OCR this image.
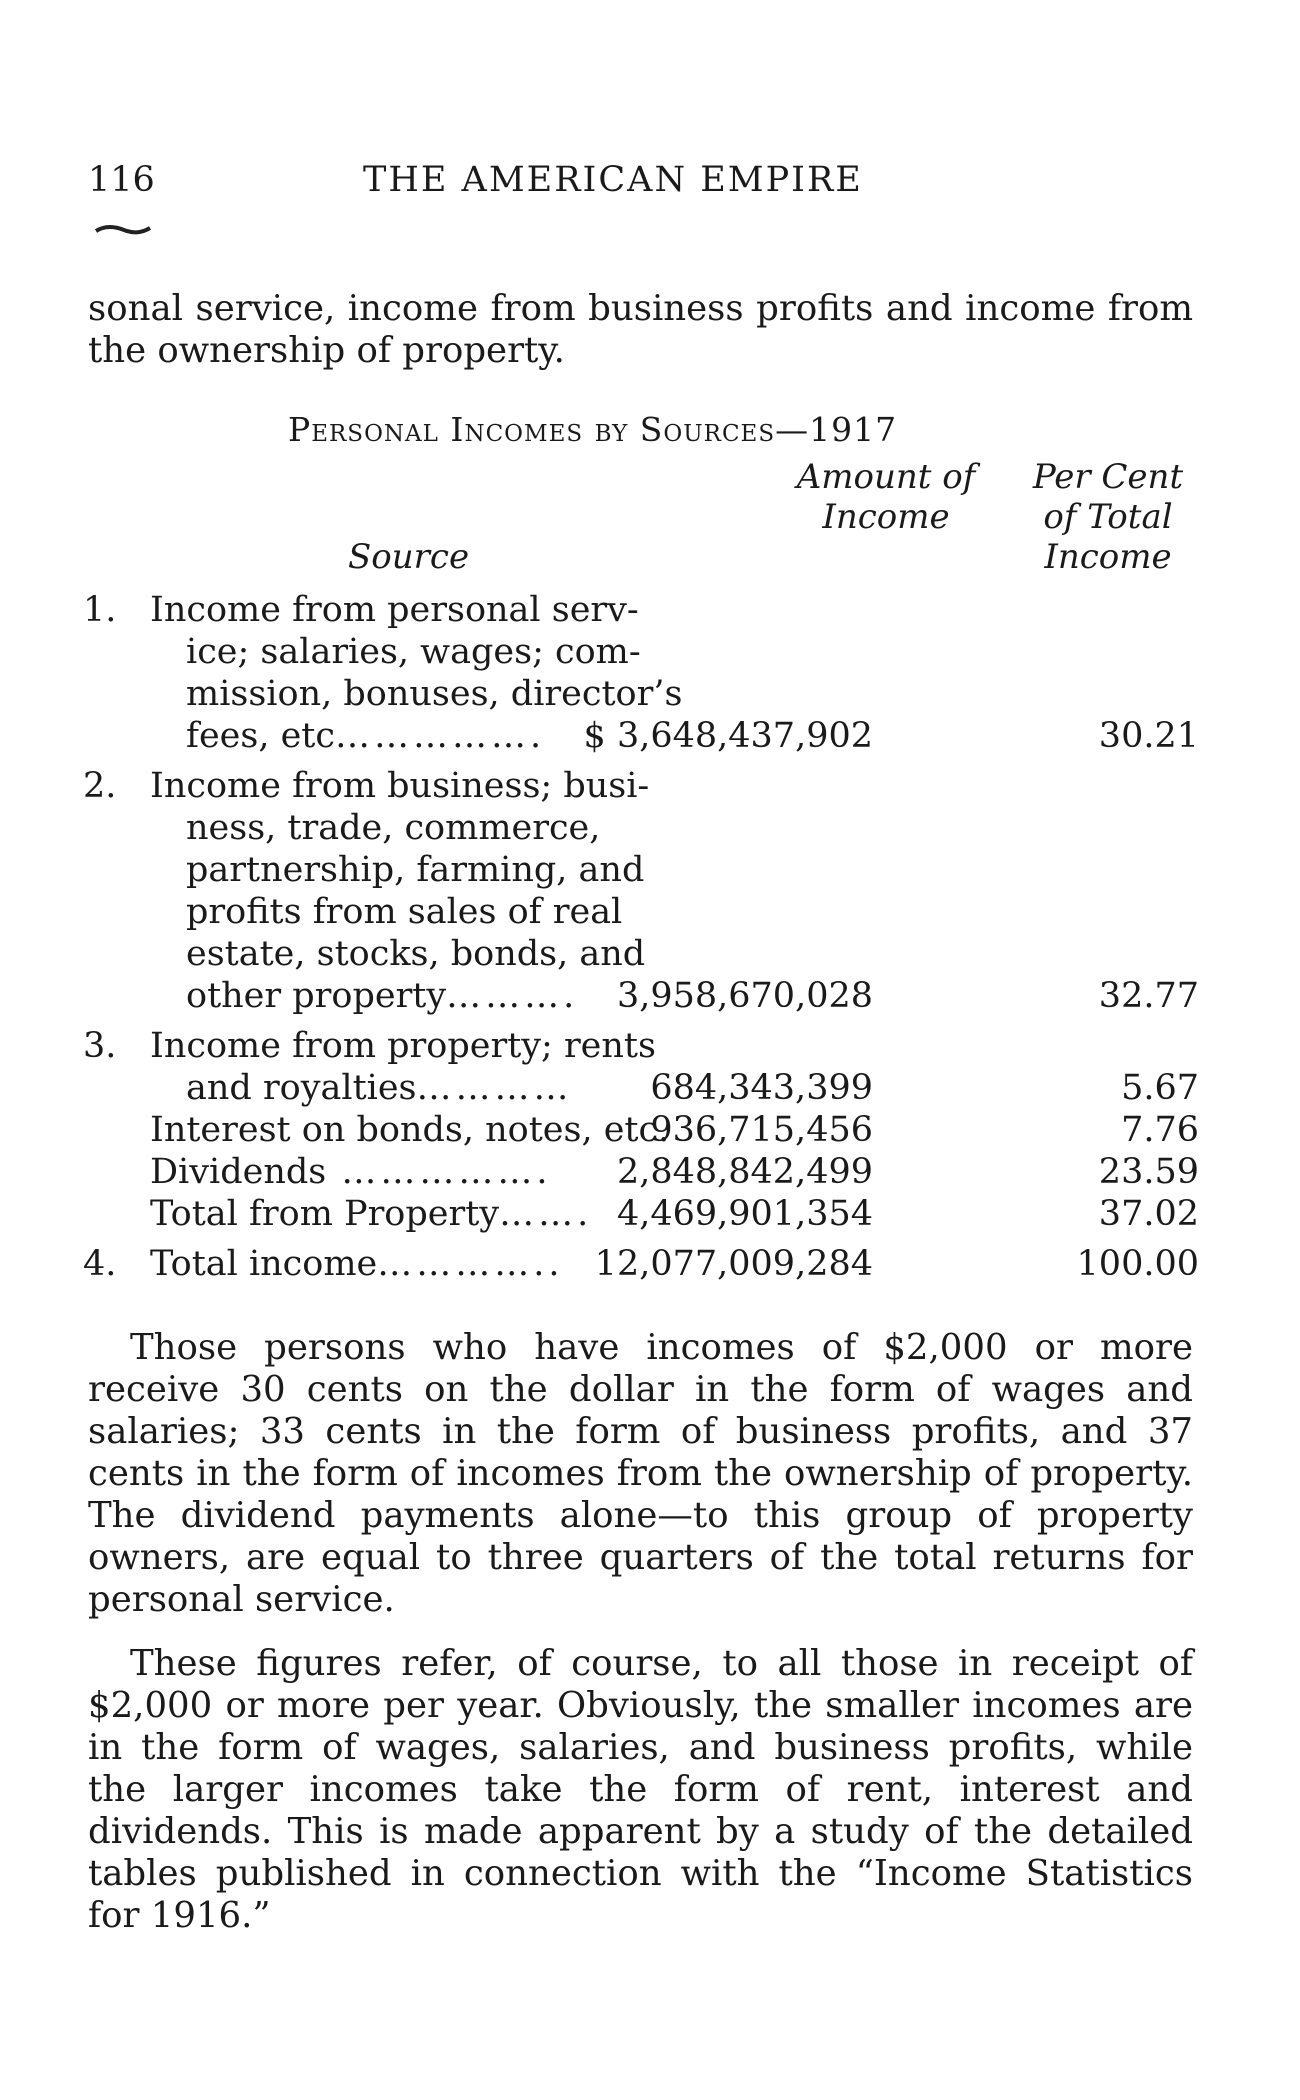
116	THE AMERICAN EMPIRE

sonal service, income from business profits and income from the ownership of property.

Personal Incomes by Sources—1917
Amount of
Income
Per Cent
of Total
Income
Source
1. Income from personal serv-
ice; salaries, wages; com-
mission, bonuses, director’s
fees, etc…………….	$ 3,648,437,902	30.21
2. Income from business; busi-
ness, trade, commerce,
partnership, farming, and
profits from sales of real
estate, stocks, bonds, and
other property……….	3,958,670,028	32.77
3. Income from property; rents
and royalties…………	684,343,399	5.67
Interest on bonds, notes, etc.
936,715,456	7.76
Dividends …………….	2,848,842,499	23.59
Total from Property……. 4,469,901,354	37.02
4. Total income………….. 12,077,009,284	100.00

Those persons who have incomes of $2,000 or more receive 30 cents on the dollar in the form of wages and salaries; 33 cents in the form of business profits, and 37 cents in the form of incomes from the ownership of property. The dividend payments alone—to this group of property owners, are equal to three quarters of the total returns for personal service.

These figures refer, of course, to all those in receipt of $2,000 or more per year. Obviously, the smaller incomes are in the form of wages, salaries, and business profits, while the larger incomes take the form of rent, interest and dividends. This is made apparent by a study of the detailed tables published in connection with the “Income Statistics for 1916.”
